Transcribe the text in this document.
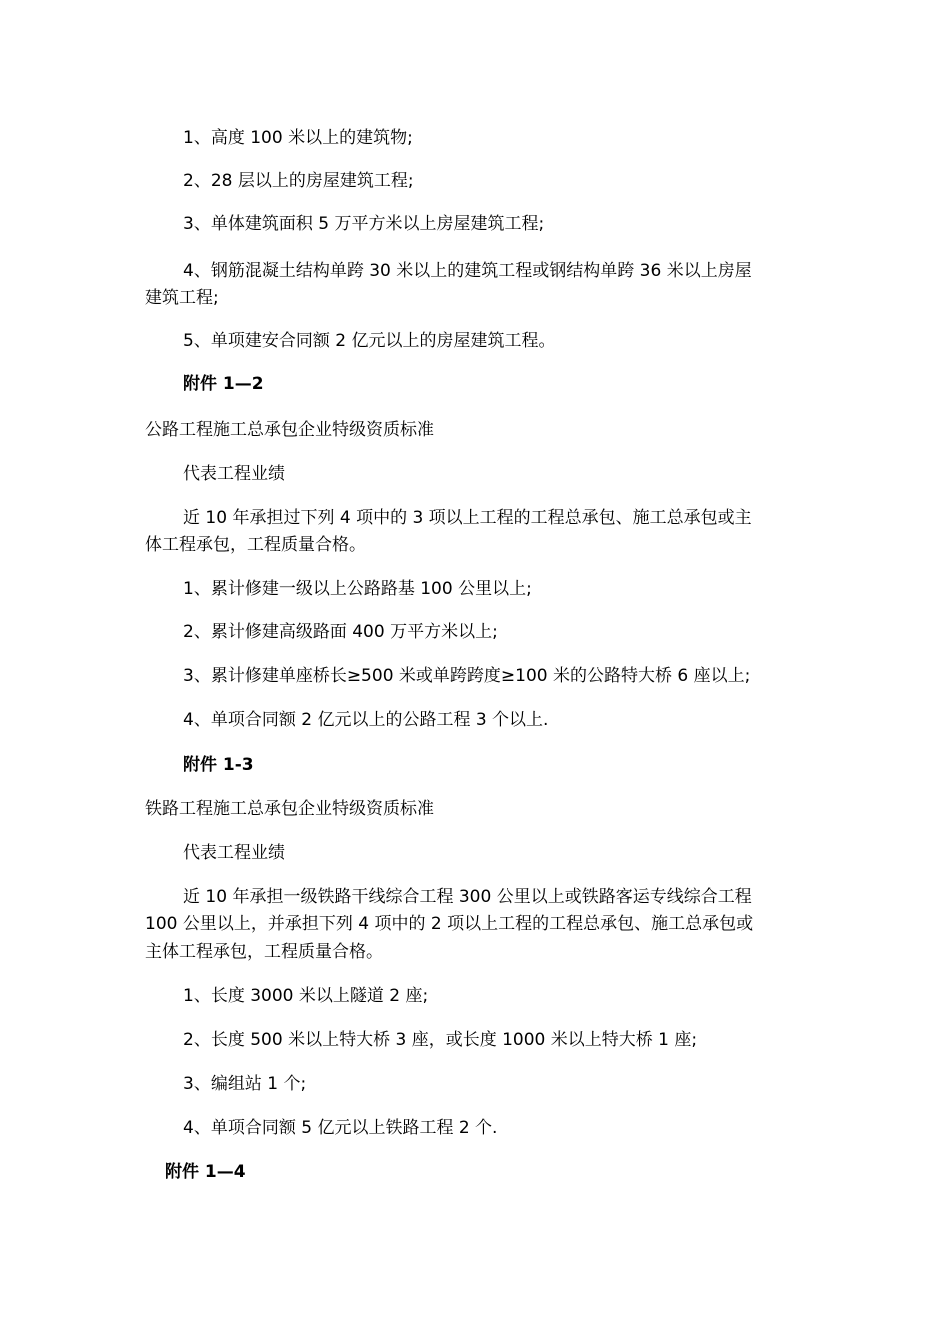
1、高度 100 米以上的建筑物;
2、28 层以上的房屋建筑工程;
3、单体建筑面积 5 万平方米以上房屋建筑工程;
4、钢筋混凝土结构单跨 30 米以上的建筑工程或钢结构单跨 36 米以上房屋
建筑工程;
5、单项建安合同额 2 亿元以上的房屋建筑工程。
附件 1—2
公路工程施工总承包企业特级资质标准
代表工程业绩
近 10 年承担过下列 4 项中的 3 项以上工程的工程总承包、施工总承包或主
体工程承包，工程质量合格。
1、累计修建一级以上公路路基 100 公里以上;
2、累计修建高级路面 400 万平方米以上;
3、累计修建单座桥长≥500 米或单跨跨度≥100 米的公路特大桥 6 座以上;
4、单项合同额 2 亿元以上的公路工程 3 个以上.
附件 1-3
铁路工程施工总承包企业特级资质标准
代表工程业绩
近 10 年承担一级铁路干线综合工程 300 公里以上或铁路客运专线综合工程
100 公里以上，并承担下列 4 项中的 2 项以上工程的工程总承包、施工总承包或
主体工程承包，工程质量合格。
1、长度 3000 米以上隧道 2 座;
2、长度 500 米以上特大桥 3 座，或长度 1000 米以上特大桥 1 座;
3、编组站 1 个;
4、单项合同额 5 亿元以上铁路工程 2 个.
附件 1—4
